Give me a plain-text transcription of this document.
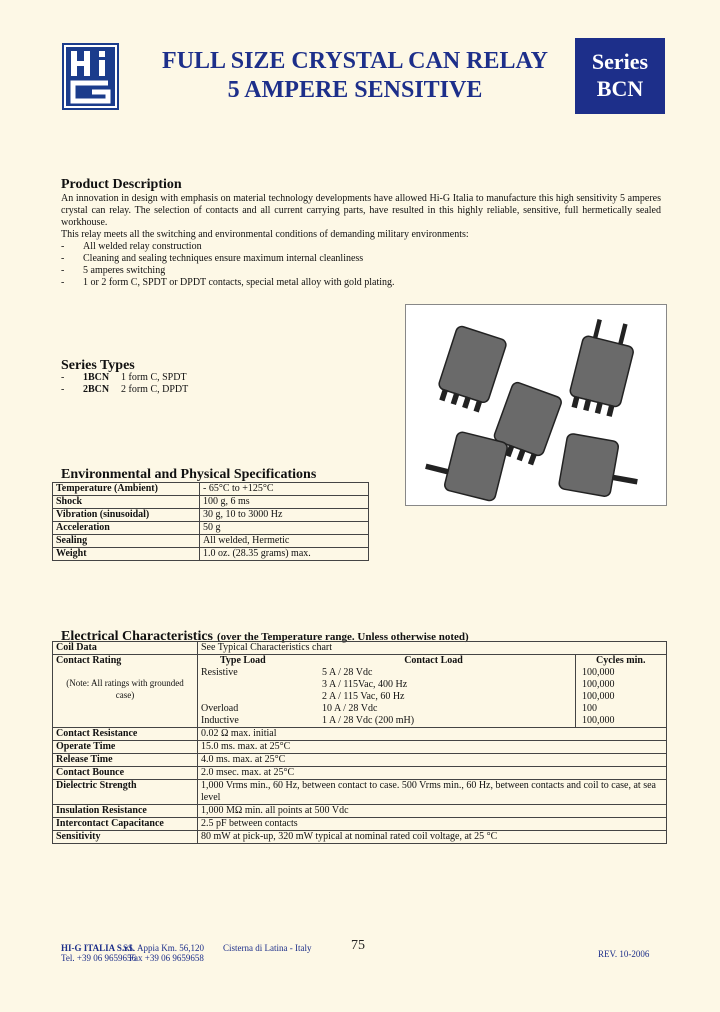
FULL SIZE CRYSTAL CAN RELAY
5 AMPERE SENSITIVE
Series
BCN
Product Description
An innovation in design with emphasis on material technology developments have allowed Hi-G Italia to manufacture this high sensitivity 5 amperes crystal can relay. The selection of contacts and all current carrying parts, have resulted in this highly reliable, sensitive, full hermetically sealed workhouse.
This relay meets all the switching and environmental conditions of demanding military environments:
-	All welded relay construction
-	Cleaning and sealing techniques ensure maximum internal cleanliness
-	5 amperes switching
-	1 or 2 form C, SPDT or DPDT contacts, special metal alloy with gold plating.
Series Types
-	1BCN	1 form C, SPDT
-	2BCN	2 form C, DPDT
Environmental and Physical Specifications
Temperature (Ambient)	- 65°C to +125°C
Shock	100 g, 6 ms
Vibration (sinusoidal)	30 g, 10 to 3000 Hz
Acceleration	50 g
Sealing	All welded, Hermetic
Weight	1.0 oz. (28.35 grams) max.
Electrical Characteristics (over the Temperature range. Unless otherwise noted)
Coil Data	See Typical Characteristics chart

Contact Rating
(Note: All ratings with grounded case)

Type Load	Contact Load	Cycles min.
Resistive	5 A / 28 Vdc	100,000
	3 A / 115Vac, 400 Hz	100,000
	2 A / 115 Vac, 60 Hz	100,000
Overload	10 A / 28 Vdc	100
Inductive	1 A / 28 Vdc (200 mH)	100,000

Contact Resistance	0.02 Ω max. initial
Operate Time	15.0 ms. max. at 25°C
Release Time	4.0 ms. max. at 25°C
Contact Bounce	2.0 msec. max. at 25°C
Dielectric Strength	1,000 Vrms min., 60 Hz, between contact to case. 500 Vrms min., 60 Hz, between contacts and coil to case, at sea level
Insulation Resistance	1,000 MΩ min. all points at 500 Vdc
Intercontact Capacitance	2.5 pF between contacts
Sensitivity	80 mW at pick-up, 320 mW typical at nominal rated coil voltage, at 25 °C
HI-G ITALIA S.r.l.
Tel. +39 06 9659656
SS. Appia Km. 56,120
Fax +39 06 9659658
Cisterna di Latina - Italy	75
REV. 10-2006
